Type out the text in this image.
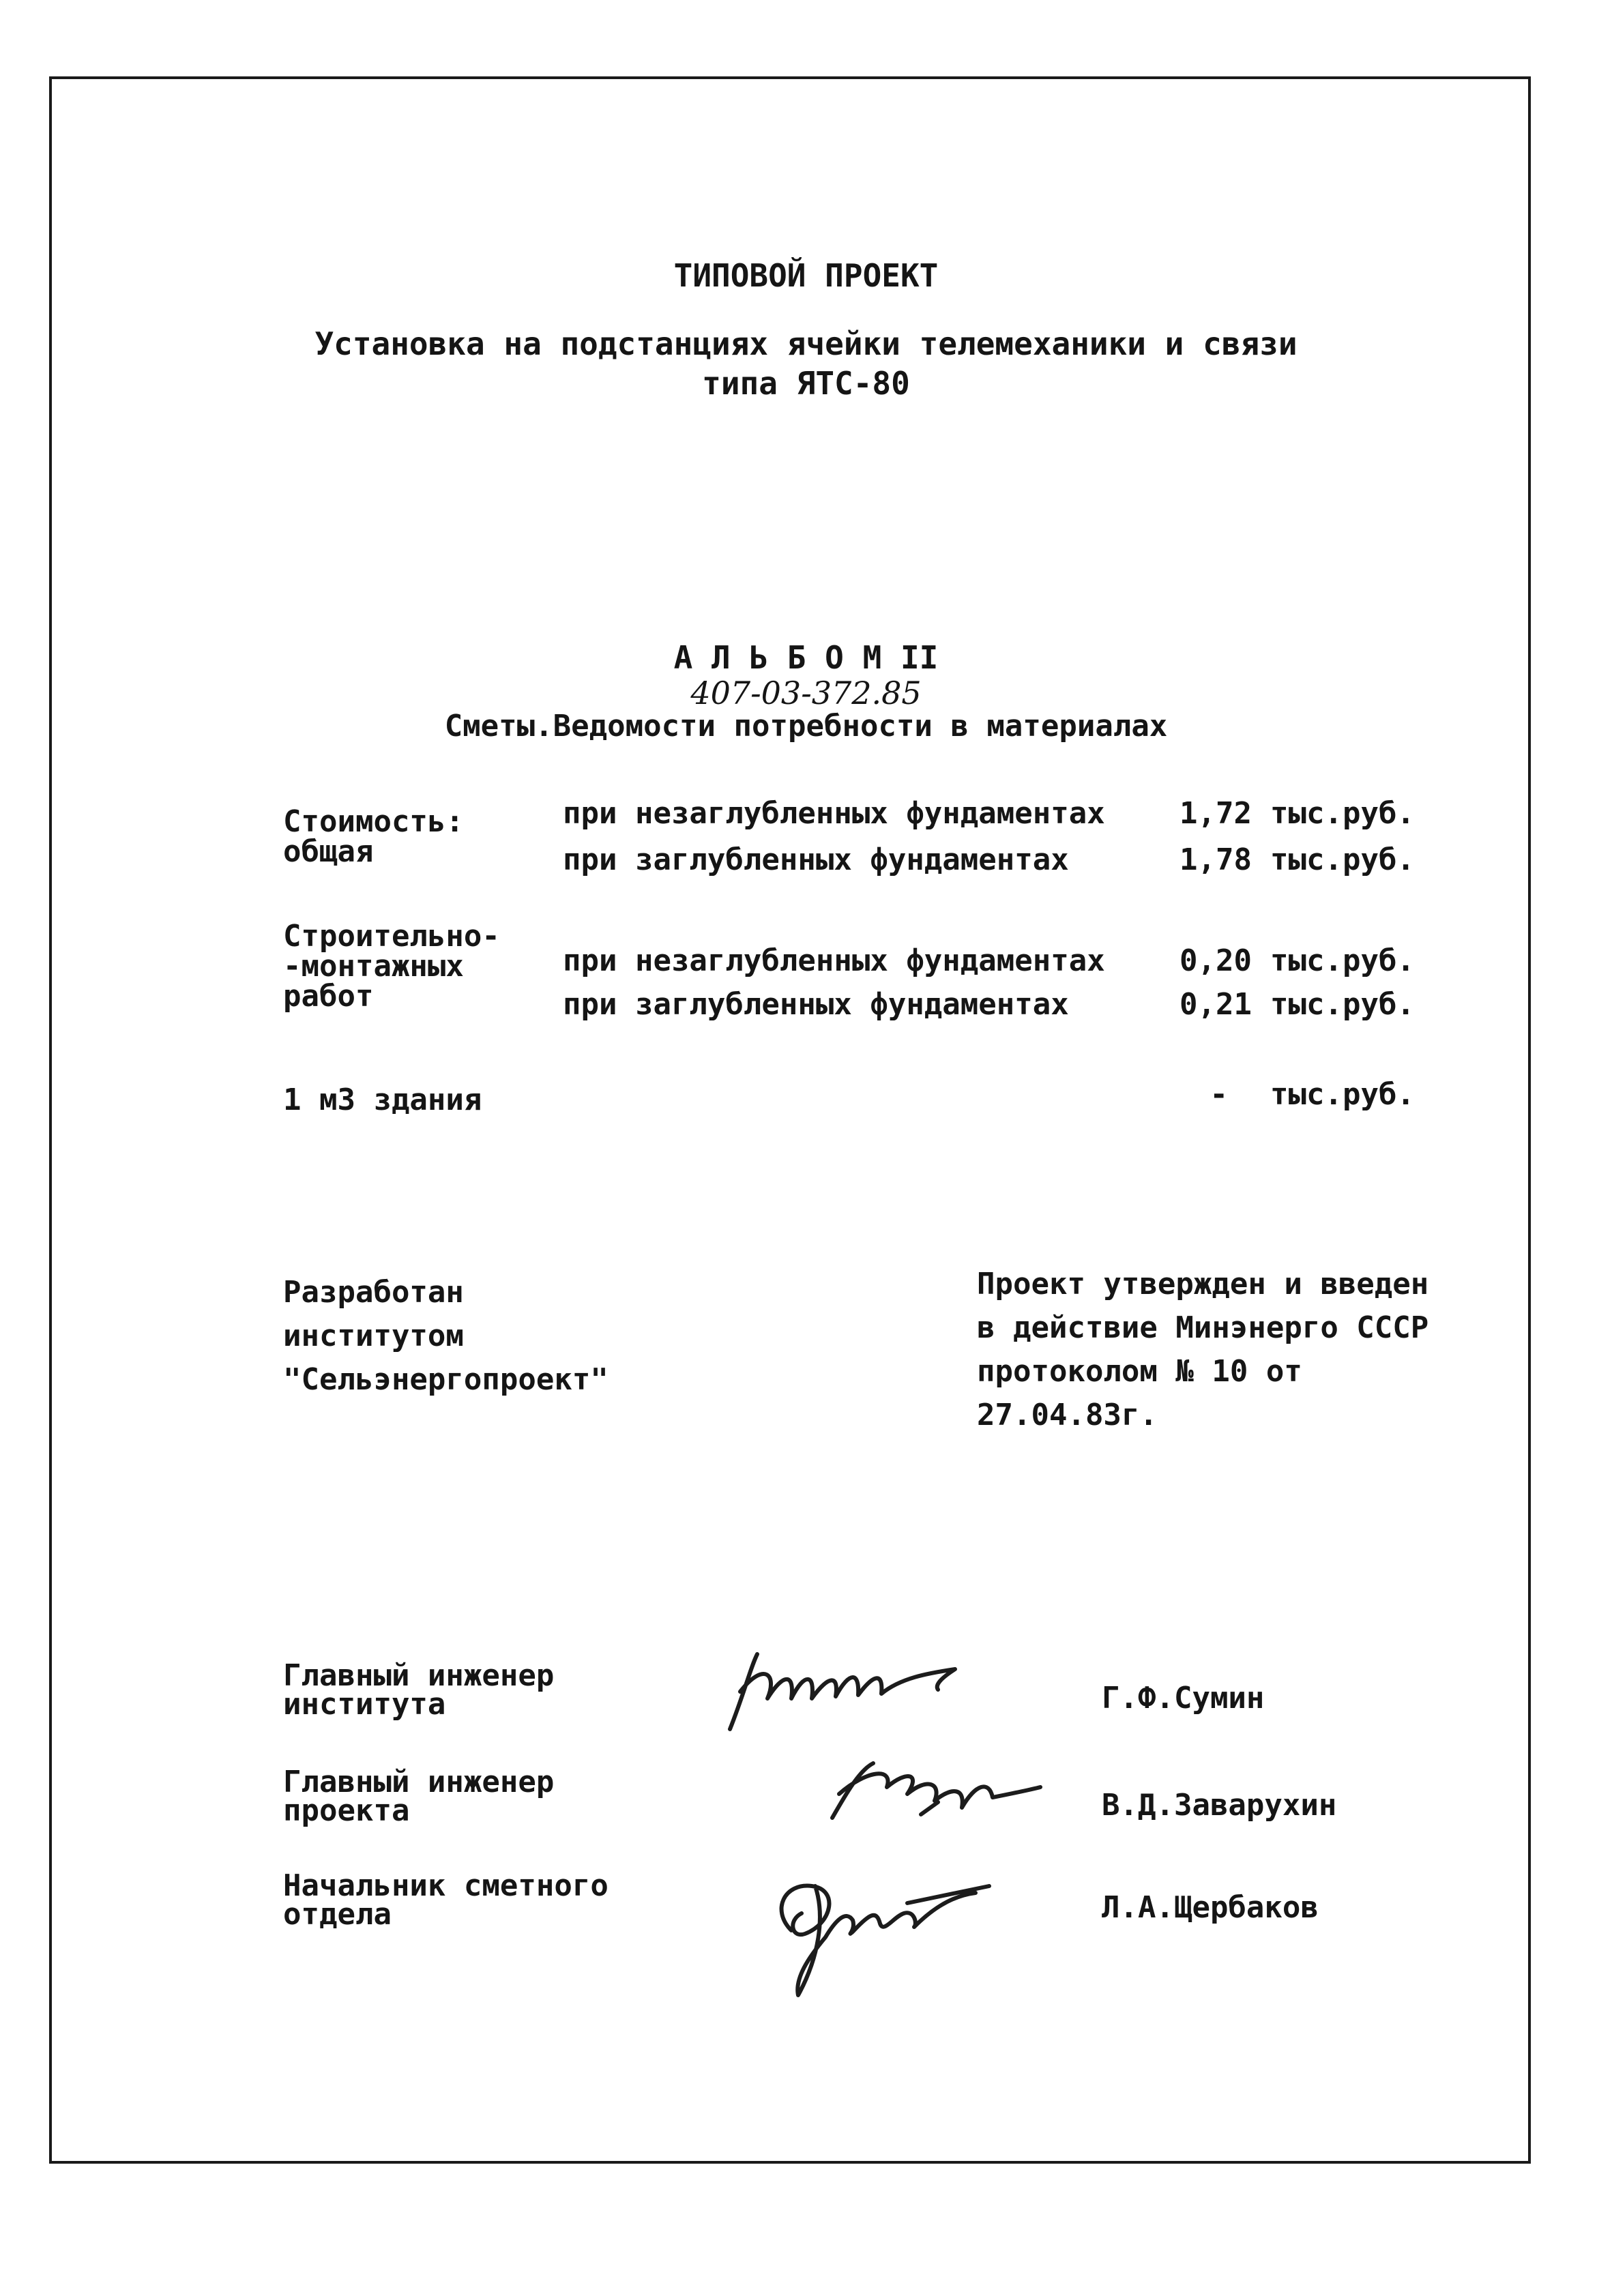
ТИПОВОЙ ПРОЕКТ
Установка на подстанциях ячейки телемеханики и связи
типа ЯТС-80
А Л Ь Б О М II
407-03-372.85
Сметы.Ведомости потребности в материалах
Стоимость:
общая
при незаглубленных фундаментах	1,72 тыс.руб.
при заглубленных фундаментах	1,78 тыс.руб.
Строительно-
-монтажных
работ
при незаглубленных фундаментах	0,20 тыс.руб.
при заглубленных фундаментах	0,21 тыс.руб.
1 м3 здания	- тыс.руб.
Разработан
институтом
"Сельэнергопроект"
Проект утвержден и введен
в действие Минэнерго СССР
протоколом № 10 от
27.04.83г.
Главный инженер
института	Г.Ф.Сумин
Главный инженер
проекта	В.Д.Заварухин
Начальник сметного
отдела	Л.А.Щербаков
